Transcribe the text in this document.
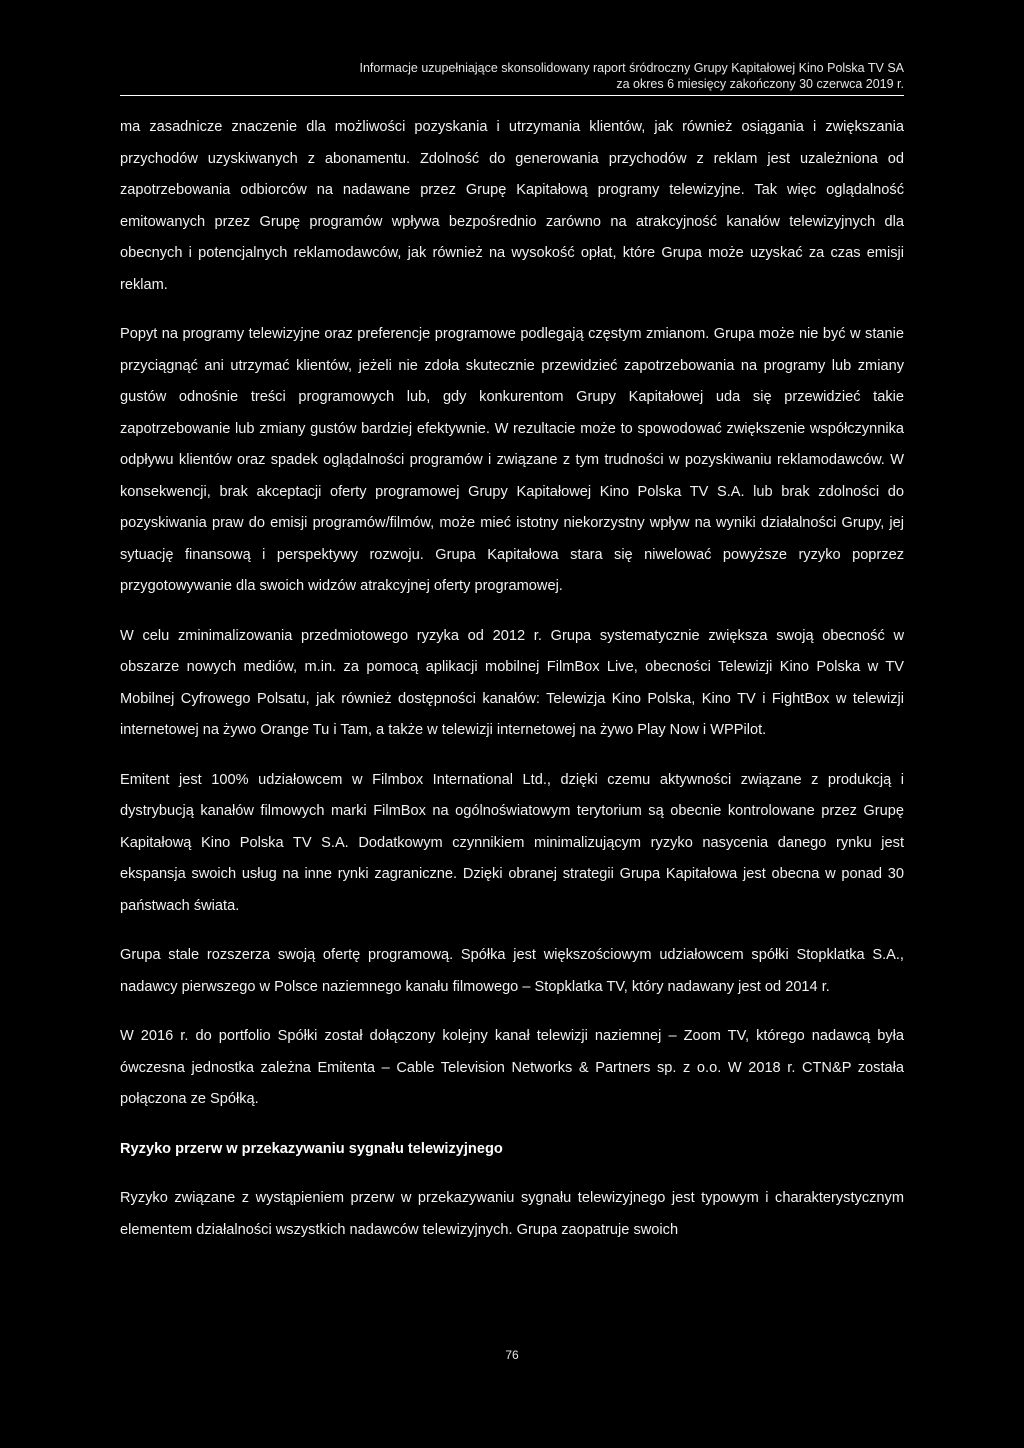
Informacje uzupełniające skonsolidowany raport śródroczny Grupy Kapitałowej Kino Polska TV SA
za okres 6 miesięcy zakończony 30 czerwca 2019 r.

ma zasadnicze znaczenie dla możliwości pozyskania i utrzymania klientów, jak również osiągania i zwiększania przychodów uzyskiwanych z abonamentu. Zdolność do generowania przychodów z reklam jest uzależniona od zapotrzebowania odbiorców na nadawane przez Grupę Kapitałową programy telewizyjne. Tak więc oglądalność emitowanych przez Grupę programów wpływa bezpośrednio zarówno na atrakcyjność kanałów telewizyjnych dla obecnych i potencjalnych reklamodawców, jak również na wysokość opłat, które Grupa może uzyskać za czas emisji reklam.

Popyt na programy telewizyjne oraz preferencje programowe podlegają częstym zmianom. Grupa może nie być w stanie przyciągnąć ani utrzymać klientów, jeżeli nie zdoła skutecznie przewidzieć zapotrzebowania na programy lub zmiany gustów odnośnie treści programowych lub, gdy konkurentom Grupy Kapitałowej uda się przewidzieć takie zapotrzebowanie lub zmiany gustów bardziej efektywnie. W rezultacie może to spowodować zwiększenie współczynnika odpływu klientów oraz spadek oglądalności programów i związane z tym trudności w pozyskiwaniu reklamodawców. W konsekwencji, brak akceptacji oferty programowej Grupy Kapitałowej Kino Polska TV S.A. lub brak zdolności do pozyskiwania praw do emisji programów/filmów, może mieć istotny niekorzystny wpływ na wyniki działalności Grupy, jej sytuację finansową i perspektywy rozwoju. Grupa Kapitałowa stara się niwelować powyższe ryzyko poprzez przygotowywanie dla swoich widzów atrakcyjnej oferty programowej.

W celu zminimalizowania przedmiotowego ryzyka od 2012 r. Grupa systematycznie zwiększa swoją obecność w obszarze nowych mediów, m.in. za pomocą aplikacji mobilnej FilmBox Live, obecności Telewizji Kino Polska w TV Mobilnej Cyfrowego Polsatu, jak również dostępności kanałów: Telewizja Kino Polska, Kino TV i FightBox w telewizji internetowej na żywo Orange Tu i Tam, a także w telewizji internetowej na żywo Play Now i WPPilot.

Emitent jest 100% udziałowcem w Filmbox International Ltd., dzięki czemu aktywności związane z produkcją i dystrybucją kanałów filmowych marki FilmBox na ogólnoświatowym terytorium są obecnie kontrolowane przez Grupę Kapitałową Kino Polska TV S.A. Dodatkowym czynnikiem minimalizującym ryzyko nasycenia danego rynku jest ekspansja swoich usług na inne rynki zagraniczne. Dzięki obranej strategii Grupa Kapitałowa jest obecna w ponad 30 państwach świata.

Grupa stale rozszerza swoją ofertę programową. Spółka jest większościowym udziałowcem spółki Stopklatka S.A., nadawcy pierwszego w Polsce naziemnego kanału filmowego – Stopklatka TV, który nadawany jest od 2014 r.

W 2016 r. do portfolio Spółki został dołączony kolejny kanał telewizji naziemnej – Zoom TV, którego nadawcą była ówczesna jednostka zależna Emitenta – Cable Television Networks & Partners sp. z o.o. W 2018 r. CTN&P została połączona ze Spółką.

Ryzyko przerw w przekazywaniu sygnału telewizyjnego

Ryzyko związane z wystąpieniem przerw w przekazywaniu sygnału telewizyjnego jest typowym i charakterystycznym elementem działalności wszystkich nadawców telewizyjnych. Grupa zaopatruje swoich

76
